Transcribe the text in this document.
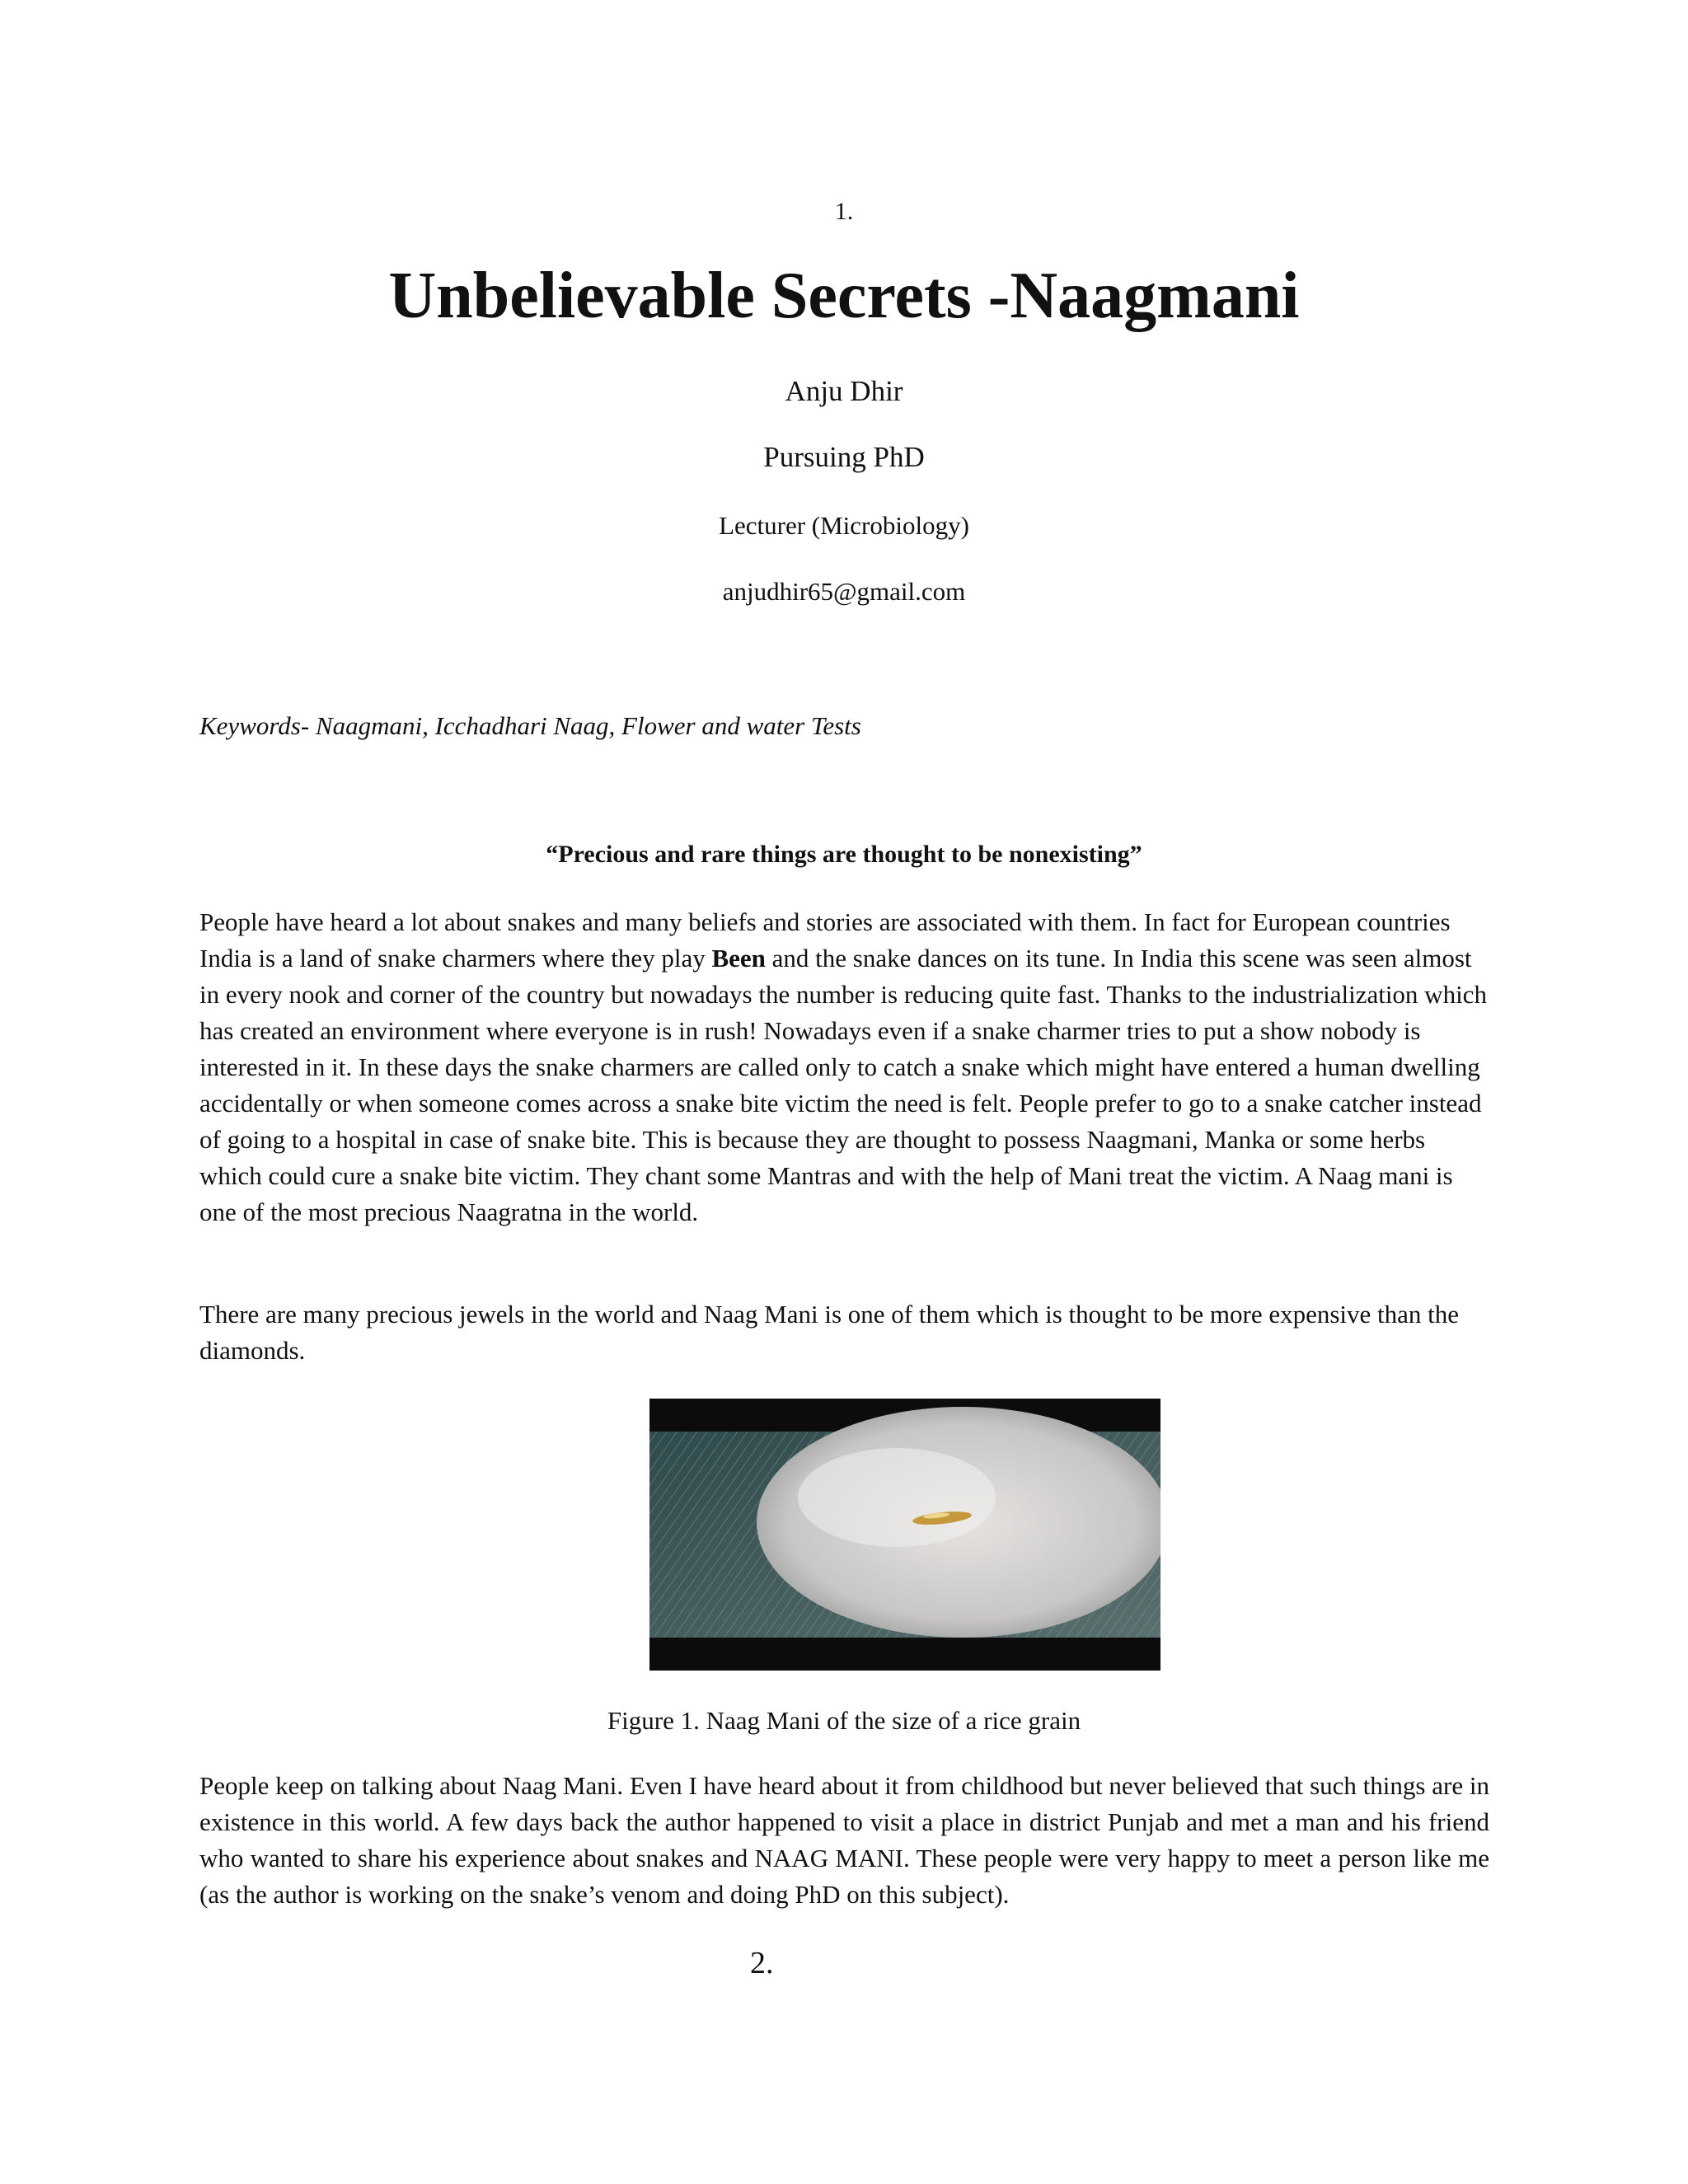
1.
Unbelievable Secrets -Naagmani
Anju Dhir
Pursuing PhD
Lecturer (Microbiology)
anjudhir65@gmail.com
Keywords- Naagmani, Icchadhari Naag, Flower and water Tests
“Precious and rare things are thought to be nonexisting”

People have heard a lot about snakes and many beliefs and stories are associated with them. In fact for European countries India is a land of snake charmers where they play Been and the snake dances on its tune. In India this scene was seen almost in every nook and corner of the country but nowadays the number is reducing quite fast. Thanks to the industrialization which has created an environment where everyone is in rush! Nowadays even if a snake charmer tries to put a show nobody is interested in it. In these days the snake charmers are called only to catch a snake which might have entered a human dwelling accidentally or when someone comes across a snake bite victim the need is felt. People prefer to go to a snake catcher instead of going to a hospital in case of snake bite. This is because they are thought to possess Naagmani, Manka or some herbs which could cure a snake bite victim. They chant some Mantras and with the help of Mani treat the victim. A Naag mani is one of the most precious Naagratna in the world.

There are many precious jewels in the world and Naag Mani is one of them which is thought to be more expensive than the diamonds.

Figure 1. Naag Mani of the size of a rice grain

People keep on talking about Naag Mani. Even I have heard about it from childhood but never believed that such things are in existence in this world. A few days back the author happened to visit a place in district Punjab and met a man and his friend who wanted to share his experience about snakes and NAAG MANI. These people were very happy to meet a person like me (as the author is working on the snake’s venom and doing PhD on this subject).

2.
